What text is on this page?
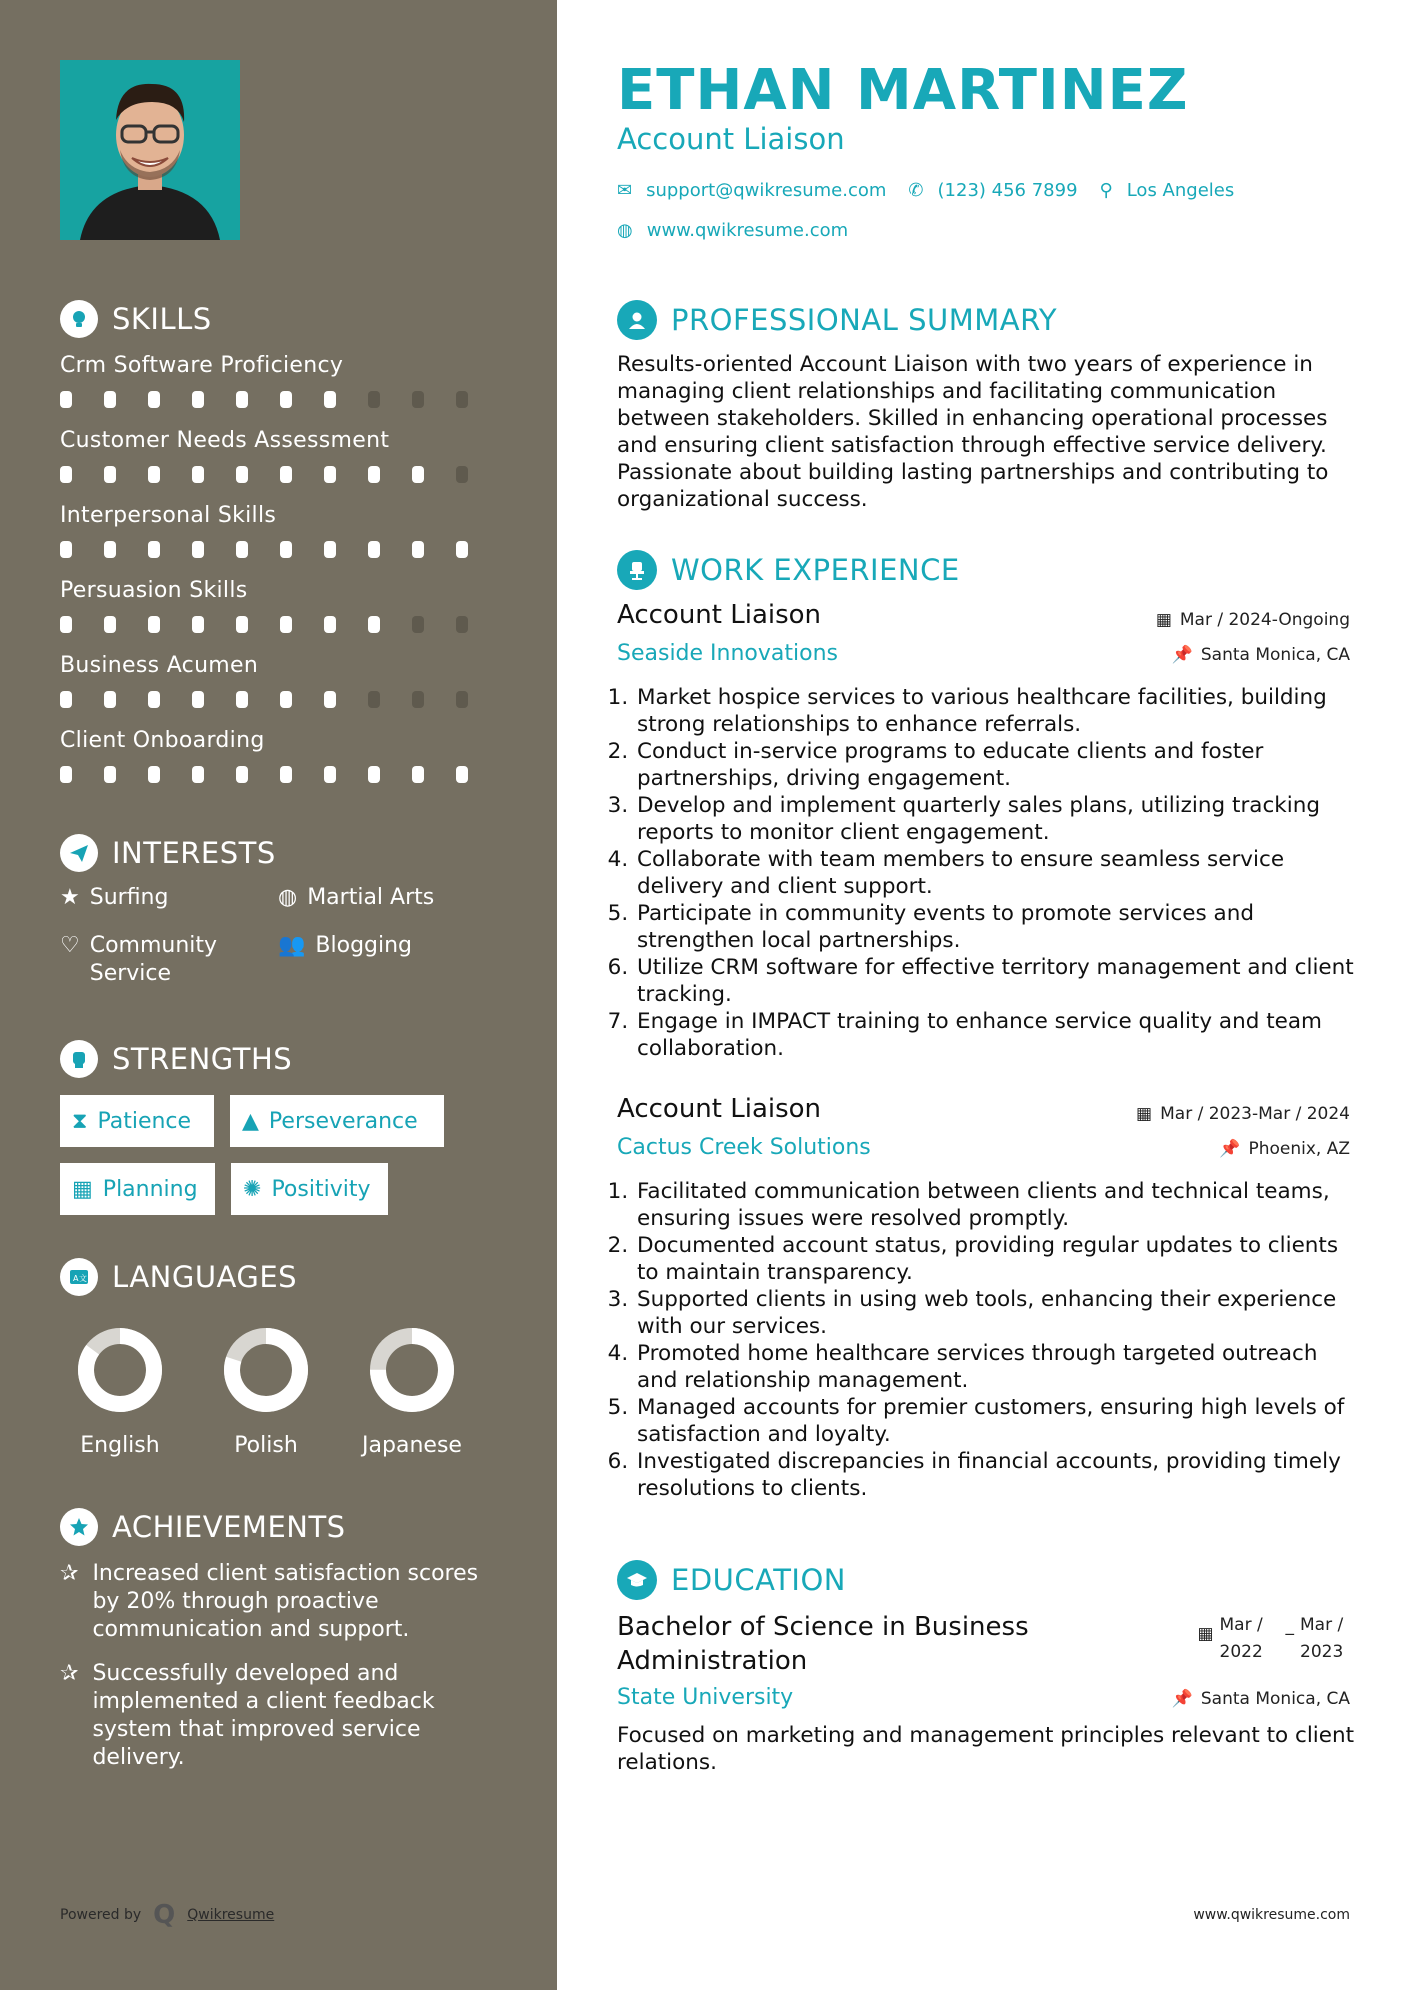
SKILLS
Crm Software Proficiency
Customer Needs Assessment
Interpersonal Skills
Persuasion Skills
Business Acumen
Client Onboarding
INTERESTS
★ Surfing	◍ Martial Arts
♡ Community Service
👥 Blogging
STRENGTHS
⧗ Patience ▲ Perseverance
▦ Planning ✺ Positivity
A文 LANGUAGES
English	Polish	Japanese
ACHIEVEMENTS
✰ Increased client satisfaction scores by 20% through proactive communication and support.
✰ Successfully developed and implemented a client feedback system that improved service delivery.
Powered by Q Qwikresume
ETHAN MARTINEZ
Account Liaison
✉ support@qwikresume.com ✆ (123) 456 7899 ⚲ Los Angeles
◍ www.qwikresume.com
PROFESSIONAL SUMMARY
Results-oriented Account Liaison with two years of experience in managing client relationships and facilitating communication between stakeholders. Skilled in enhancing operational processes and ensuring client satisfaction through effective service delivery. Passionate about building lasting partnerships and contributing to organizational success.
WORK EXPERIENCE
Account Liaison	▦ Mar / 2024-Ongoing
Seaside Innovations	📌 Santa Monica, CA
1. Market hospice services to various healthcare facilities, building strong relationships to enhance referrals.
2. Conduct in-service programs to educate clients and foster partnerships, driving engagement.
3. Develop and implement quarterly sales plans, utilizing tracking reports to monitor client engagement.
4. Collaborate with team members to ensure seamless service delivery and client support.
5. Participate in community events to promote services and strengthen local partnerships.
6. Utilize CRM software for effective territory management and client tracking.
7. Engage in IMPACT training to enhance service quality and team collaboration.
Account Liaison	▦ Mar / 2023-Mar / 2024
Cactus Creek Solutions	📌 Phoenix, AZ
1. Facilitated communication between clients and technical teams, ensuring issues were resolved promptly.
2. Documented account status, providing regular updates to clients to maintain transparency.
3. Supported clients in using web tools, enhancing their experience with our services.
4. Promoted home healthcare services through targeted outreach and relationship management.
5. Managed accounts for premier customers, ensuring high levels of satisfaction and loyalty.
6. Investigated discrepancies in financial accounts, providing timely resolutions to clients.
EDUCATION
Bachelor of Science in Business Administration
▦ Mar /
2022
_ Mar /
2023
State University	📌 Santa Monica, CA
Focused on marketing and management principles relevant to client relations.
www.qwikresume.com
